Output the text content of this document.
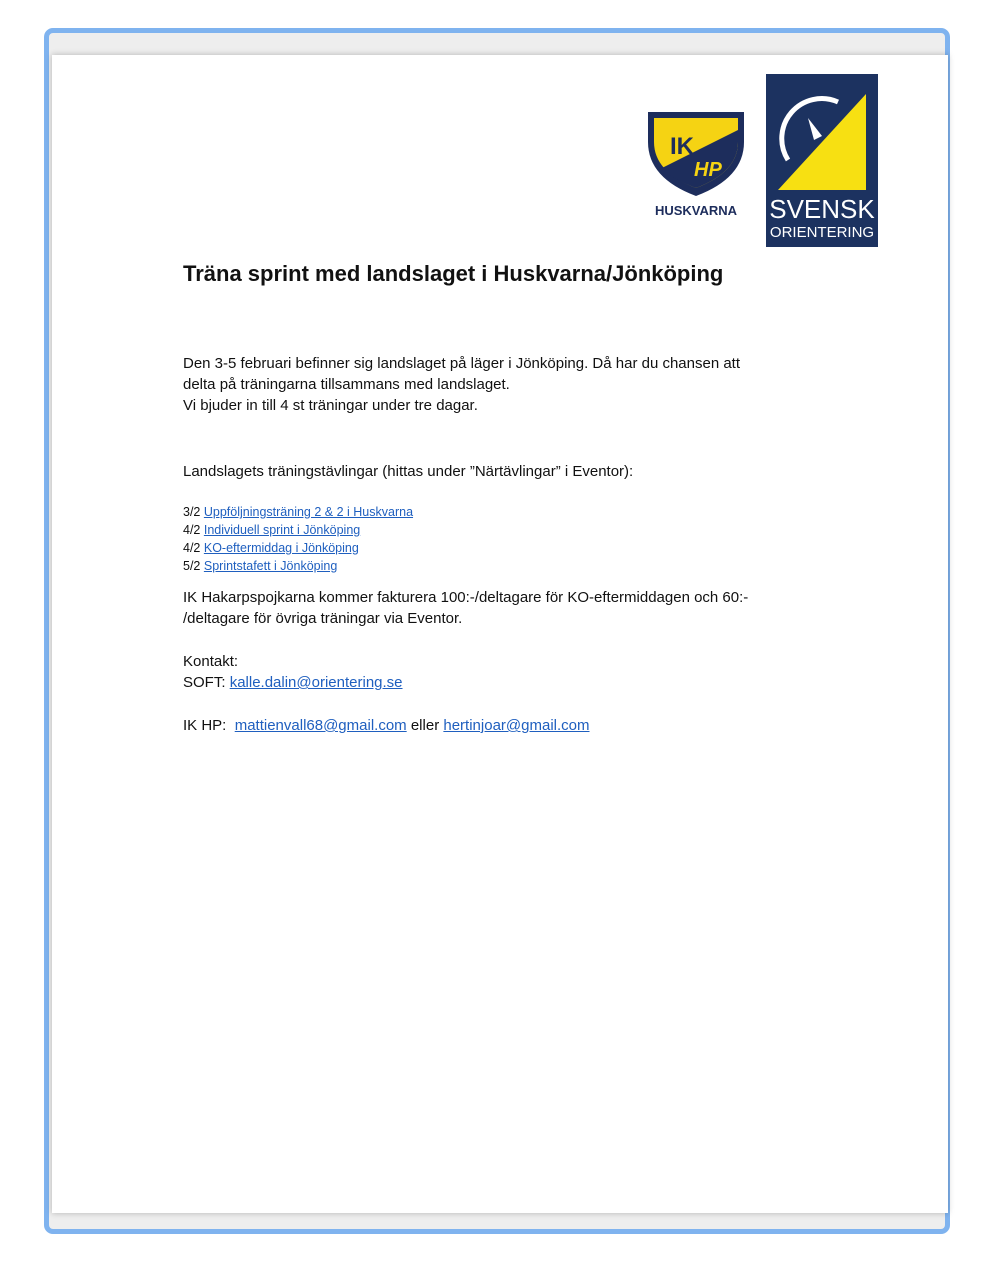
IK
HP
HUSKVARNA SVENSK
ORIENTERING
Träna sprint med landslaget i Huskvarna/Jönköping
Den 3-5 februari befinner sig landslaget på läger i Jönköping. Då har du chansen att
delta på träningarna tillsammans med landslaget.
Vi bjuder in till 4 st träningar under tre dagar.
Landslagets träningstävlingar (hittas under ”Närtävlingar” i Eventor):
3/2 Uppföljningsträning 2 & 2 i Huskvarna
4/2 Individuell sprint i Jönköping
4/2 KO-eftermiddag i Jönköping
5/2 Sprintstafett i Jönköping
IK Hakarpspojkarna kommer fakturera 100:-/deltagare för KO-eftermiddagen och 60:-
/deltagare för övriga träningar via Eventor.
Kontakt:
SOFT: kalle.dalin@orientering.se
IK HP: mattienvall68@gmail.com eller hertinjoar@gmail.com
